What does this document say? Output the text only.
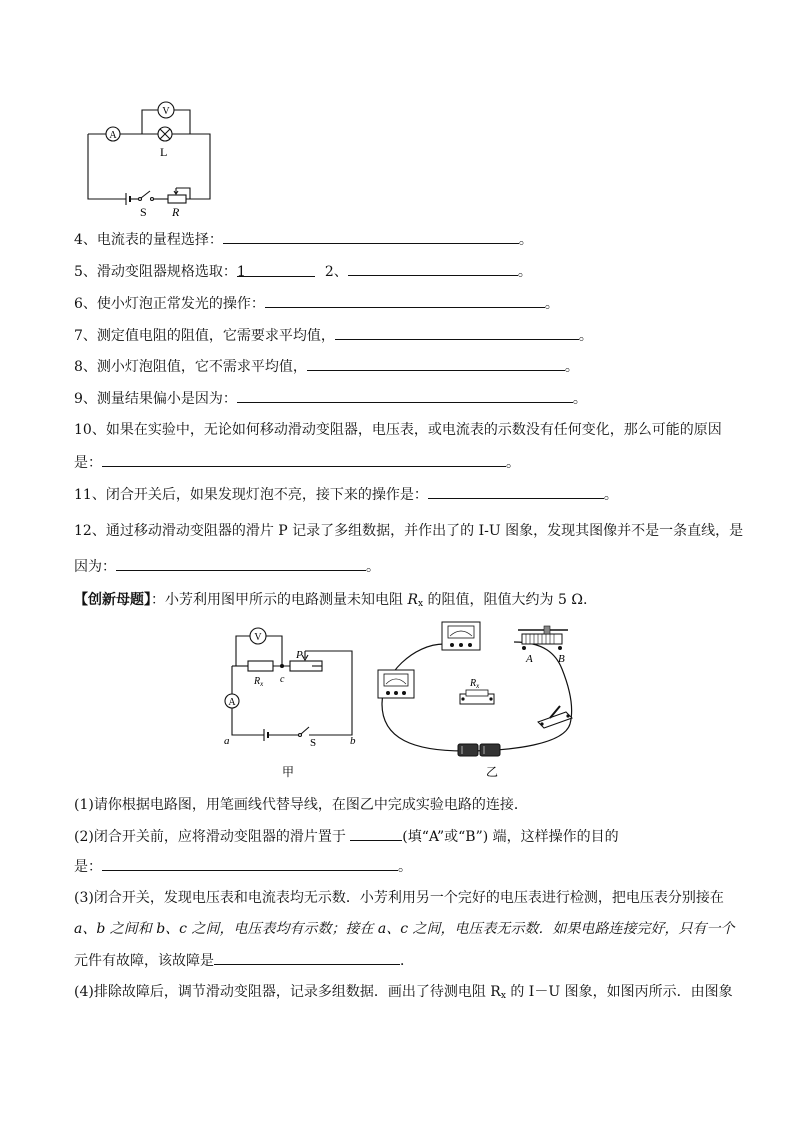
V
A
L
S R
4、电流表的量程选择：	。
5、滑动变阻器规格选取：1	2、	。
6、使小灯泡正常发光的操作：	。
7、测定值电阻的阻值，它需要求平均值，	。
8、测小灯泡阻值，它不需求平均值，	。
9、测量结果偏小是因为：	。
10、如果在实验中，无论如何移动滑动变阻器，电压表，或电流表的示数没有任何变化，那么可能的原因
是：	。
11、闭合开关后，如果发现灯泡不亮，接下来的操作是：	。
12、通过移动滑动变阻器的滑片 P 记录了多组数据，并作出了的 I-U 图象，发现其图像并不是一条直线，是
因为：	。
【创新母题】：小芳利用图甲所示的电路测量未知电阻 $R_x$ 的阻值，阻值大约为 5 Ω.
V
A
$R_x$ c
P
a	S	b
甲
A B
$R_x$
乙
(1)请你根据电路图，用笔画线代替导线，在图乙中完成实验电路的连接．
(2)闭合开关前，应将滑动变阻器的滑片置于	(填“A”或“B”) 端，这样操作的目的
是：	。
(3)闭合开关，发现电压表和电流表均无示数．小芳利用另一个完好的电压表进行检测，把电压表分别接在
a、b 之间和 b、c 之间，电压表均有示数；接在 a、c 之间，电压表无示数．如果电路连接完好，只有一个
元件有故障，该故障是	．
(4)排除故障后，调节滑动变阻器，记录多组数据．画出了待测电阻 $R_x$ 的 I－U 图象，如图丙所示．由图象
